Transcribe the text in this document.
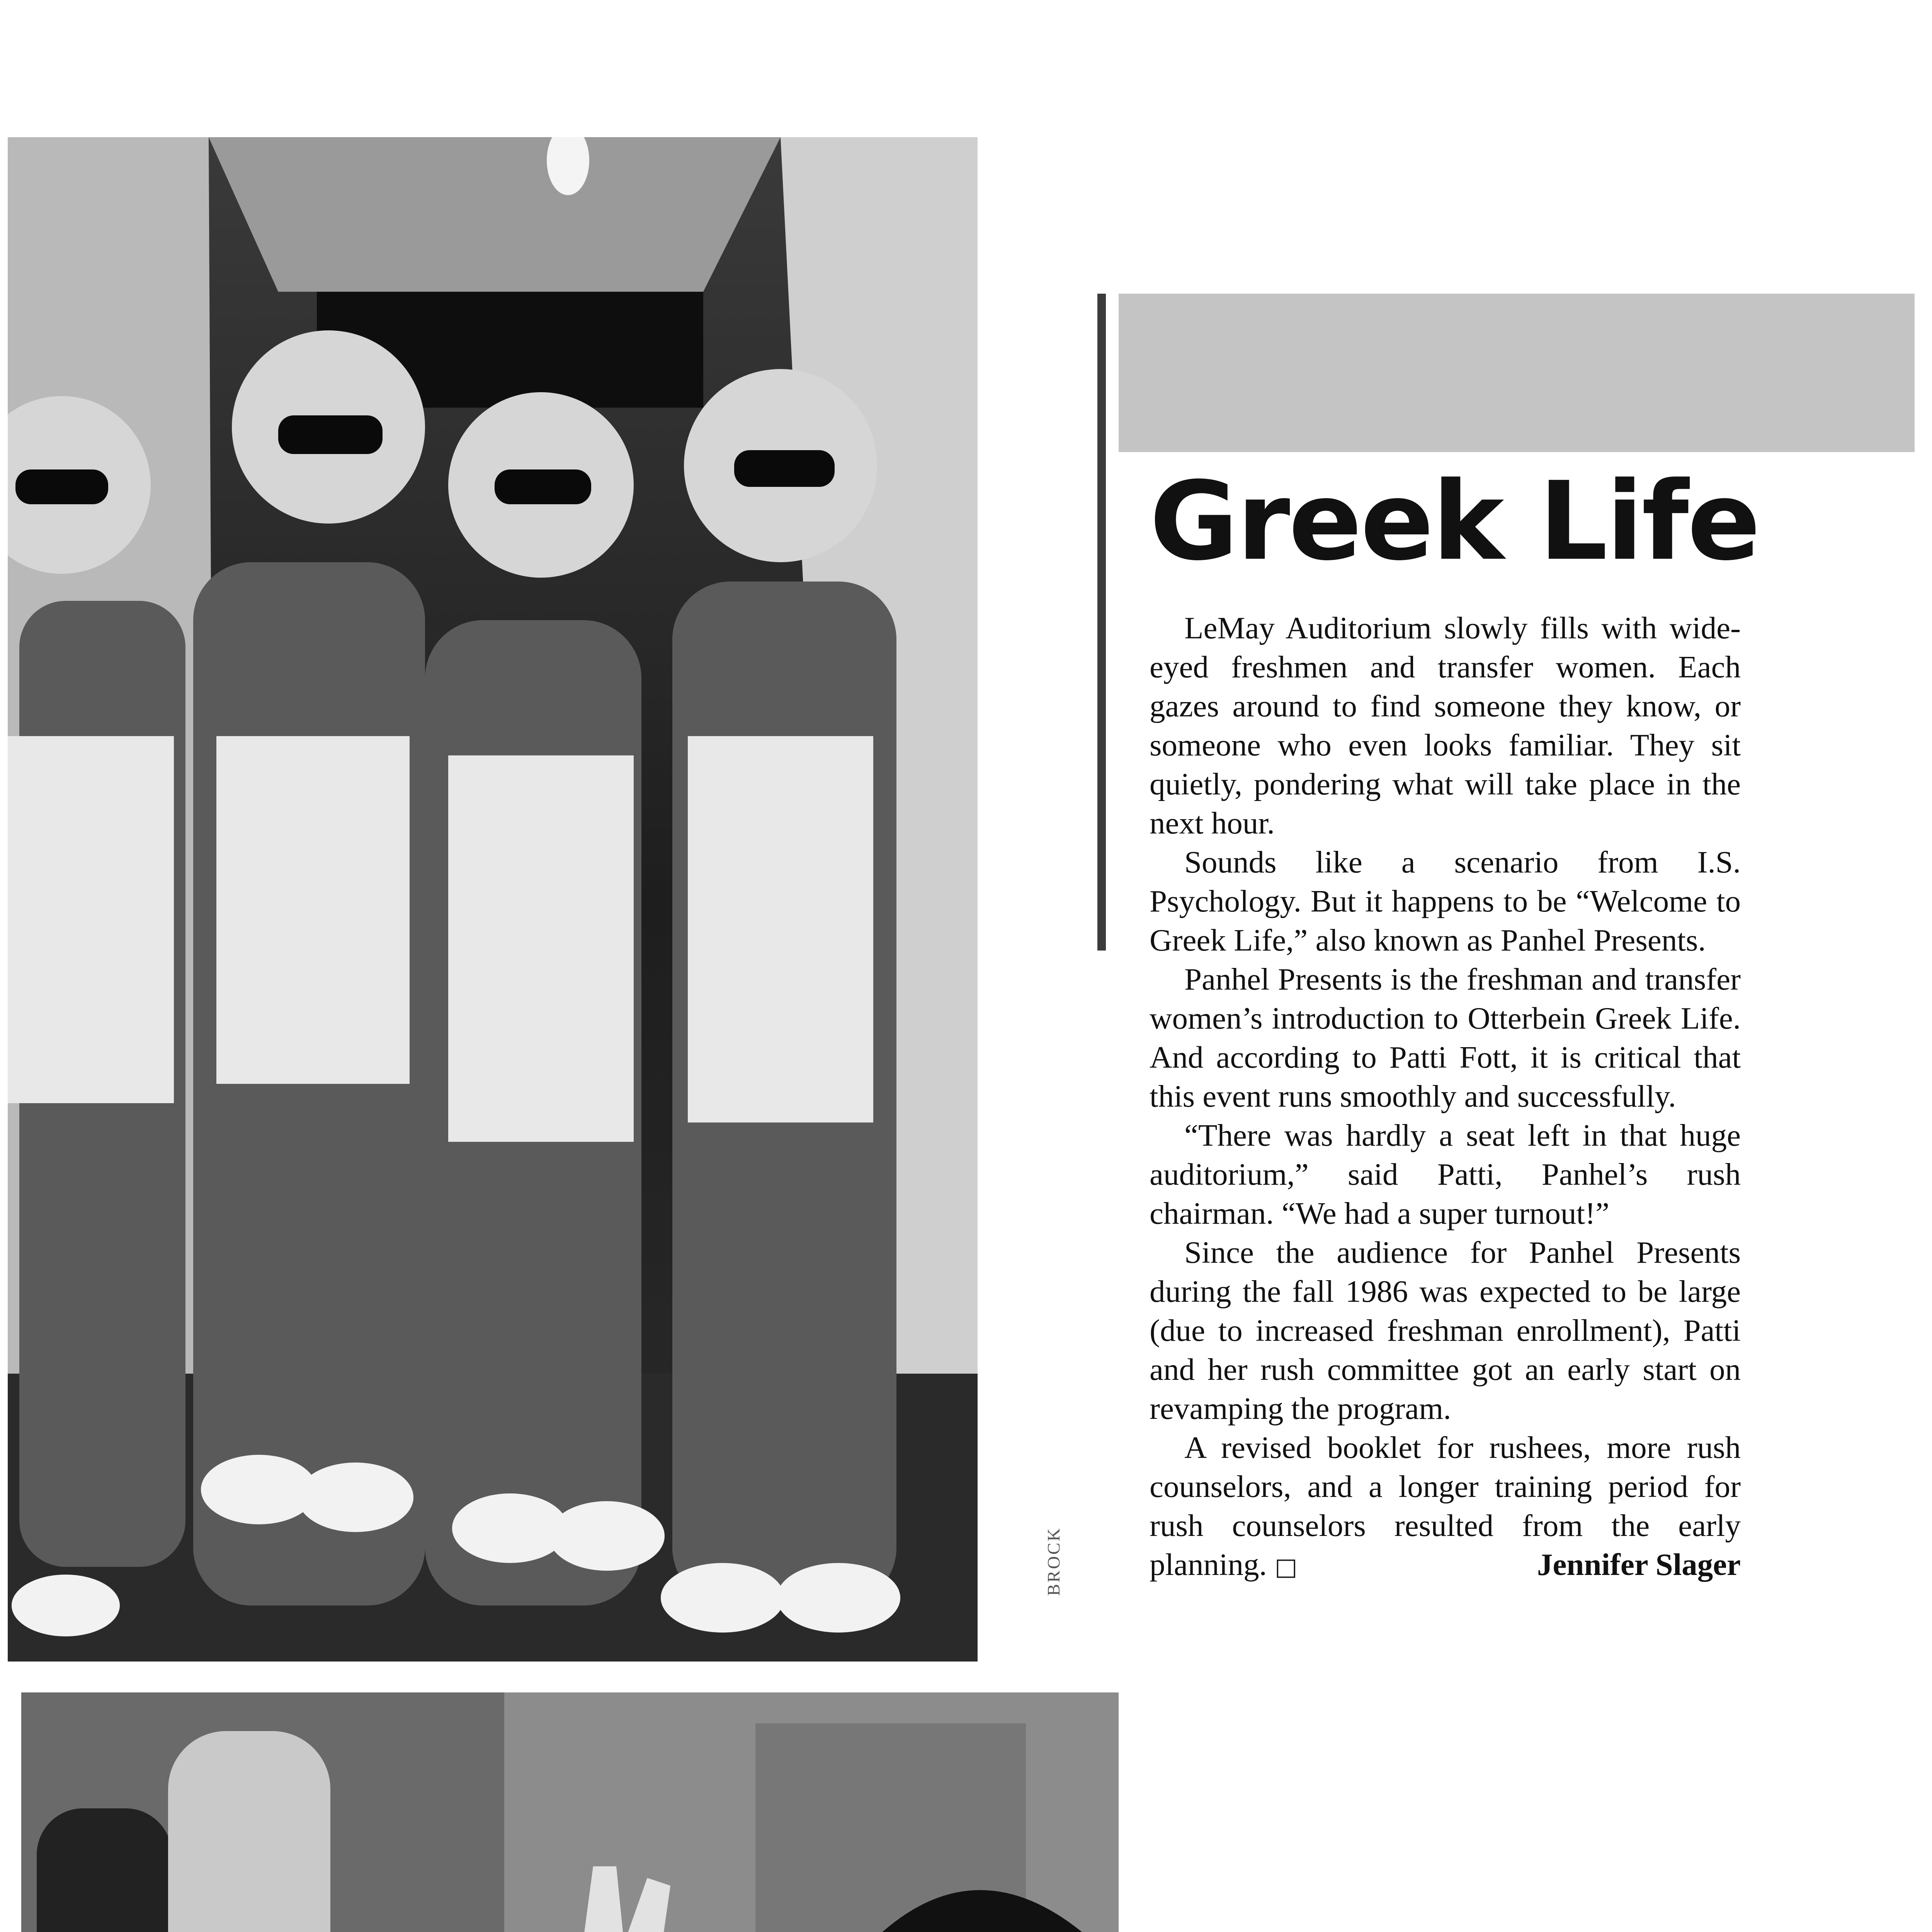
BROCK
Greek Life

LeMay Auditorium slowly fills with wide-eyed freshmen and transfer women. Each gazes around to find someone they know, or someone who even looks familiar. They sit quietly, pondering what will take place in the next hour.

Sounds like a scenario from I.S. Psychology. But it happens to be “Welcome to Greek Life,” also known as Panhel Presents.

Panhel Presents is the freshman and transfer women’s introduction to Otterbein Greek Life. And according to Patti Fott, it is critical that this event runs smoothly and successfully.

“There was hardly a seat left in that huge auditorium,” said Patti, Panhel’s rush chairman. “We had a super turnout!”

Since the audience for Panhel Presents during the fall 1986 was expected to be large (due to increased freshman enrollment), Patti and her rush committee got an early start on revamping the program.

A revised booklet for rushees, more rush counselors, and a longer training period for rush counselors resulted from the early planning. □	Jennifer Slager
